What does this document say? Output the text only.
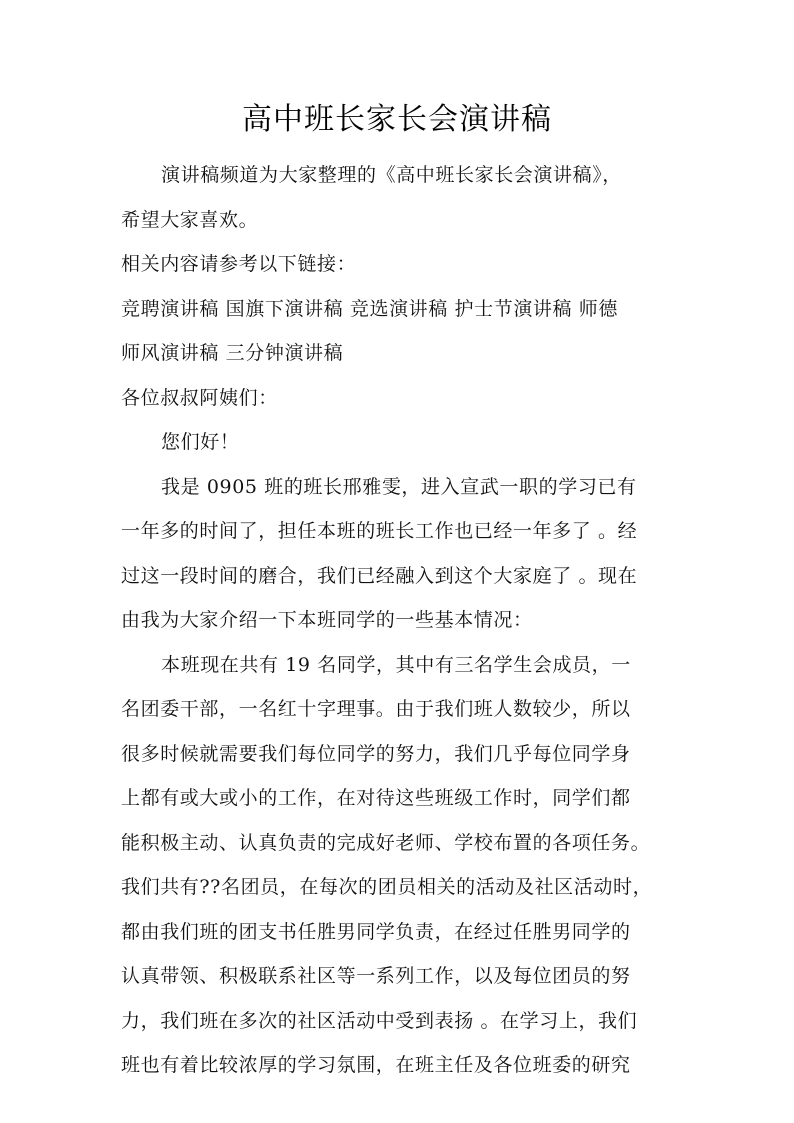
高中班长家长会演讲稿
演讲稿频道为大家整理的《高中班长家长会演讲稿》，
希望大家喜欢。
相关内容请参考以下链接：
竞聘演讲稿 国旗下演讲稿 竞选演讲稿 护士节演讲稿 师德
师风演讲稿 三分钟演讲稿
各位叔叔阿姨们：
您们好！
我是 0905 班的班长邢雅雯，进入宣武一职的学习已有
一年多的时间了，担任本班的班长工作也已经一年多了 。经
过这一段时间的磨合，我们已经融入到这个大家庭了 。现在
由我为大家介绍一下本班同学的一些基本情况：
本班现在共有 19 名同学，其中有三名学生会成员，一
名团委干部，一名红十字理事。由于我们班人数较少，所以
很多时候就需要我们每位同学的努力，我们几乎每位同学身
上都有或大或小的工作，在对待这些班级工作时，同学们都
能积极主动、认真负责的完成好老师、学校布置的各项任务。
我们共有??名团员，在每次的团员相关的活动及社区活动时，
都由我们班的团支书任胜男同学负责，在经过任胜男同学的
认真带领、积极联系社区等一系列工作，以及每位团员的努
力，我们班在多次的社区活动中受到表扬 。在学习上，我们
班也有着比较浓厚的学习氛围，在班主任及各位班委的研究
